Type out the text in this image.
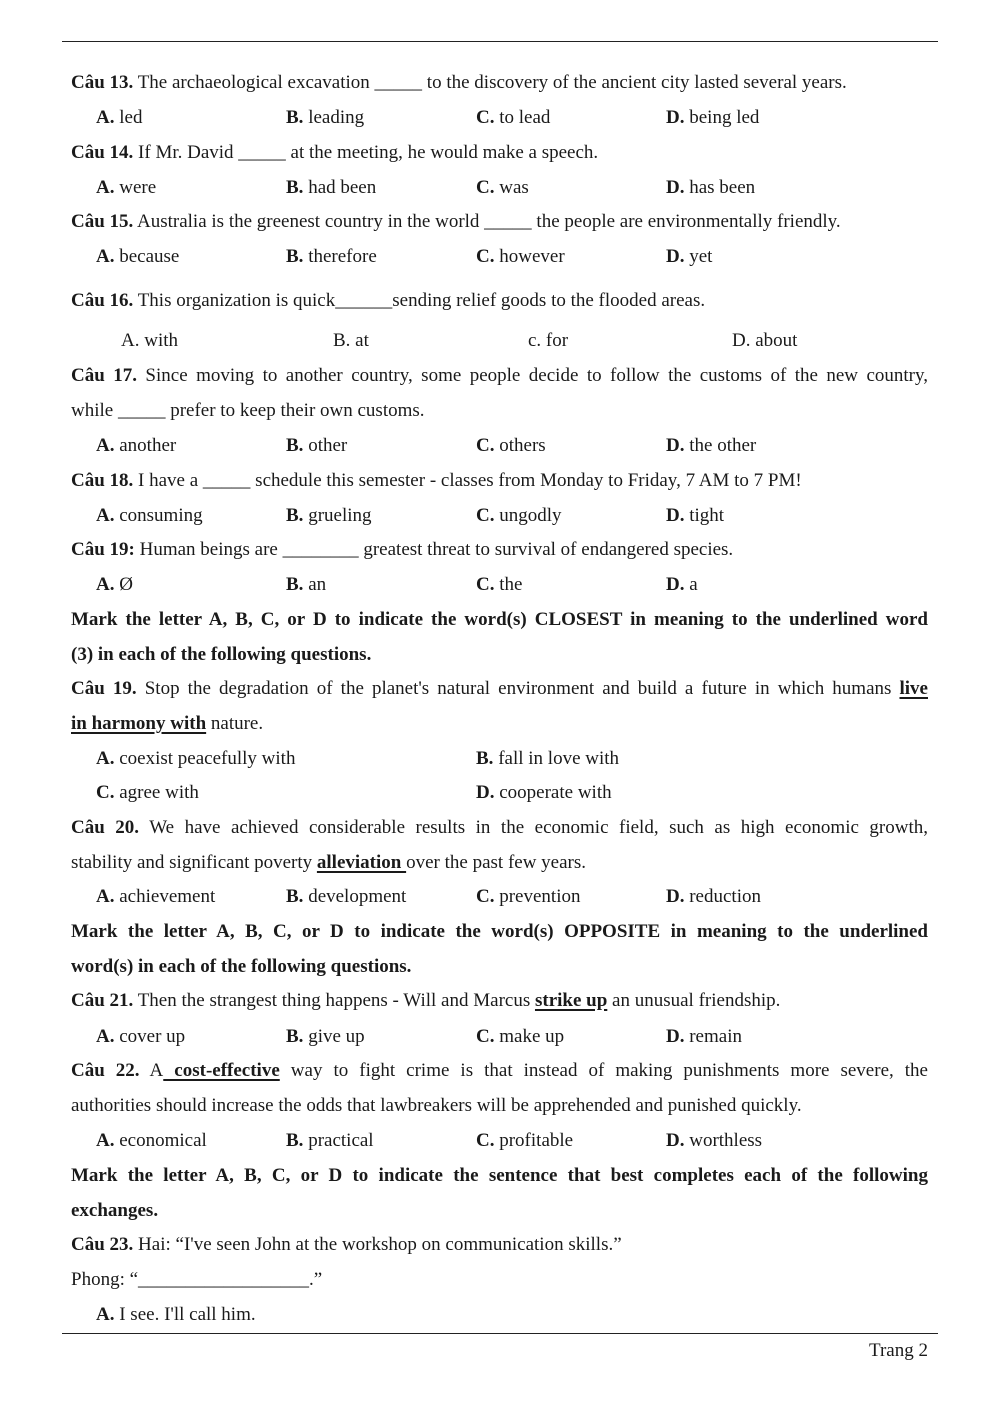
Câu 13. The archaeological excavation _____ to the discovery of the ancient city lasted several years.
A. led	B. leading	C. to lead	D. being led
Câu 14. If Mr. David _____ at the meeting, he would make a speech.
A. were	B. had been	C. was	D. has been
Câu 15. Australia is the greenest country in the world _____ the people are environmentally friendly.
A. because	B. therefore	C. however	D. yet
Câu 16. This organization is quick______sending relief goods to the flooded areas.
A. with	B. at	c. for	D. about
Câu 17. Since moving to another country, some people decide to follow the customs of the new country,
while _____ prefer to keep their own customs.
A. another	B. other	C. others	D. the other
Câu 18. I have a _____ schedule this semester - classes from Monday to Friday, 7 AM to 7 PM!
A. consuming	B. grueling	C. ungodly	D. tight
Câu 19: Human beings are ________ greatest threat to survival of endangered species.
A. Ø	B. an	C. the	D. a
Mark the letter A, B, C, or D to indicate the word(s) CLOSEST in meaning to the underlined word
(3) in each of the following questions.
Câu 19. Stop the degradation of the planet's natural environment and build a future in which humans live
in harmony with nature.
A. coexist peacefully with	B. fall in love with
C. agree with	D. cooperate with
Câu 20. We have achieved considerable results in the economic field, such as high economic growth,
stability and significant poverty alleviation over the past few years.
A. achievement	B. development	C. prevention	D. reduction
Mark the letter A, B, C, or D to indicate the word(s) OPPOSITE in meaning to the underlined
word(s) in each of the following questions.
Câu 21. Then the strangest thing happens - Will and Marcus strike up an unusual friendship.
A. cover up	B. give up	C. make up	D. remain
Câu 22. A cost-effective way to fight crime is that instead of making punishments more severe, the
authorities should increase the odds that lawbreakers will be apprehended and punished quickly.
A. economical	B. practical	C. profitable	D. worthless
Mark the letter A, B, C, or D to indicate the sentence that best completes each of the following
exchanges.
Câu 23. Hai: “I've seen John at the workshop on communication skills.”
Phong: “__________________.”
A. I see. I'll call him.
Trang 2
